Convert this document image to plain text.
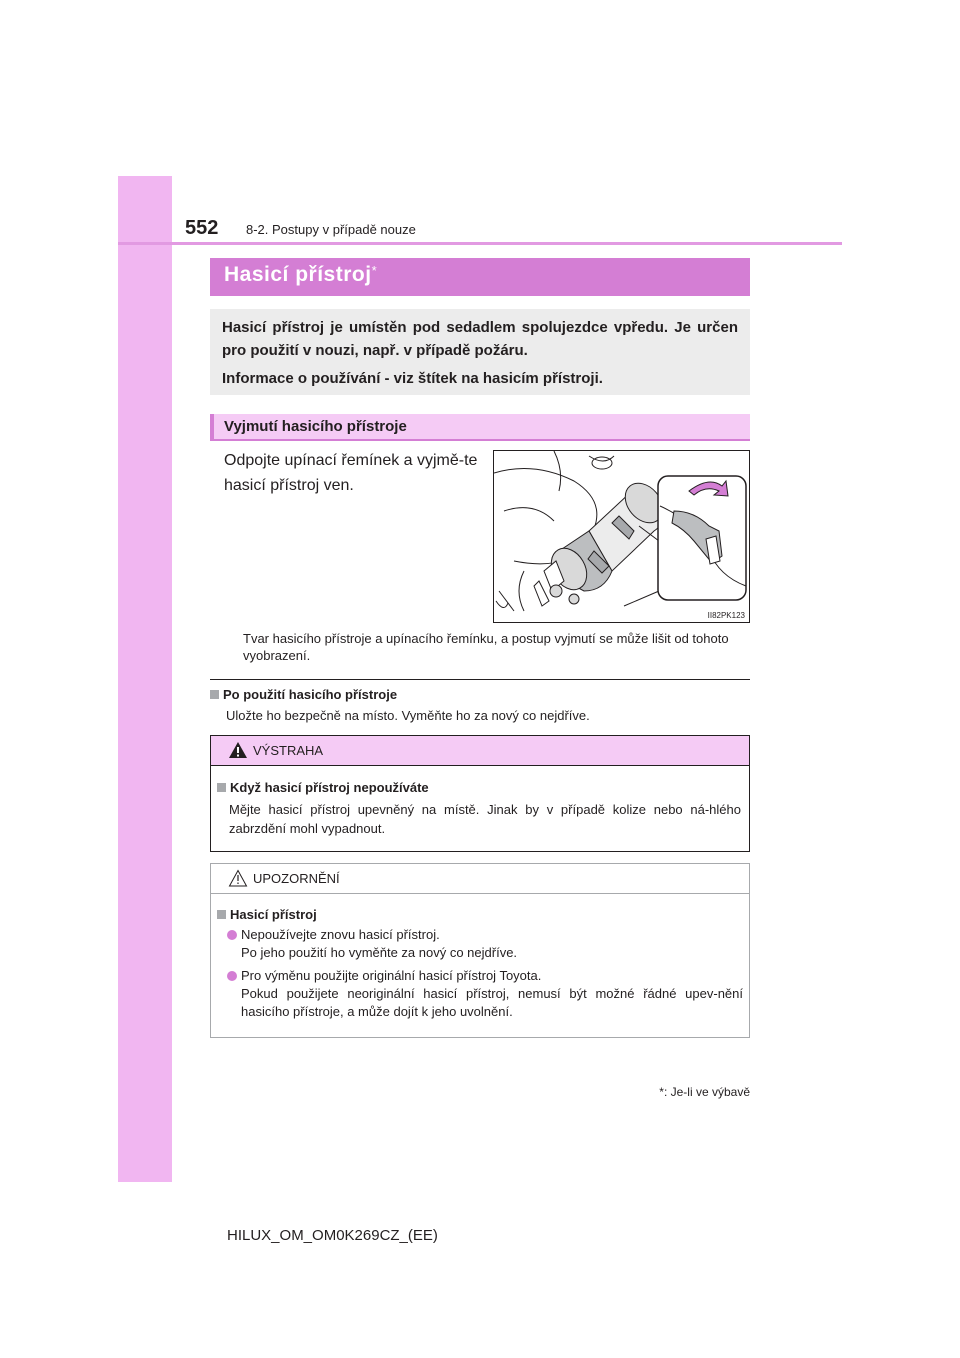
552 8-2. Postupy v případě nouze
Hasicí přístroj*

Hasicí přístroj je umístěn pod sedadlem spolujezdce vpředu. Je určen pro použití v nouzi, např. v případě požáru.

Informace o používání - viz štítek na hasicím přístroji.

Vyjmutí hasicího přístroje
Odpojte upínací řemínek a vyjmě-te hasicí přístroj ven.
II82PK123
Tvar hasicího přístroje a upínacího řemínku, a postup vyjmutí se může lišit od tohoto vyobrazení.
Po použití hasicího přístroje
Uložte ho bezpečně na místo. Vyměňte ho za nový co nejdříve.
VÝSTRAHA
Když hasicí přístroj nepoužíváte
Mějte hasicí přístroj upevněný na místě. Jinak by v případě kolize nebo ná-hlého zabrzdění mohl vypadnout.
UPOZORNĚNÍ
Hasicí přístroj
Nepoužívejte znovu hasicí přístroj.
Po jeho použití ho vyměňte za nový co nejdříve.
Pro výměnu použijte originální hasicí přístroj Toyota.
Pokud použijete neoriginální hasicí přístroj, nemusí být možné řádné upev-nění hasicího přístroje, a může dojít k jeho uvolnění.
*: Je-li ve výbavě
HILUX_OM_OM0K269CZ_(EE)
